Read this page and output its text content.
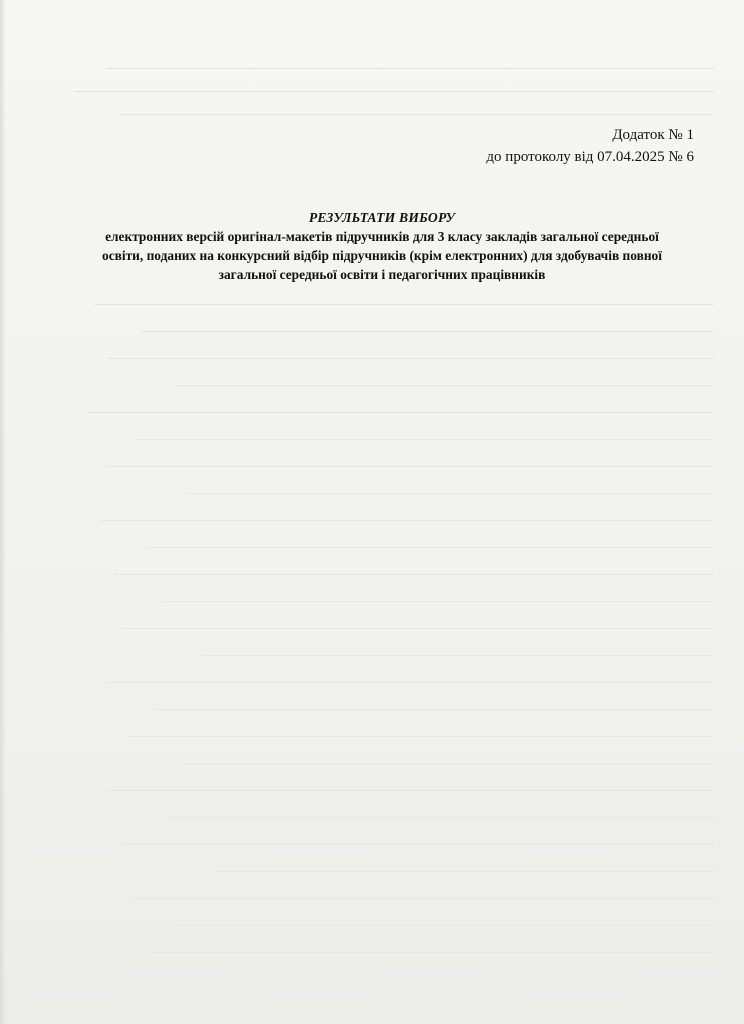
Додаток № 1
до протоколу від 07.04.2025 № 6
РЕЗУЛЬТАТИ ВИБОРУ
електронних версій оригінал-макетів підручників для 3 класу закладів загальної середньої
освіти, поданих на конкурсний відбір підручників (крім електронних) для здобувачів повної
загальної середньої освіти і педагогічних працівників
